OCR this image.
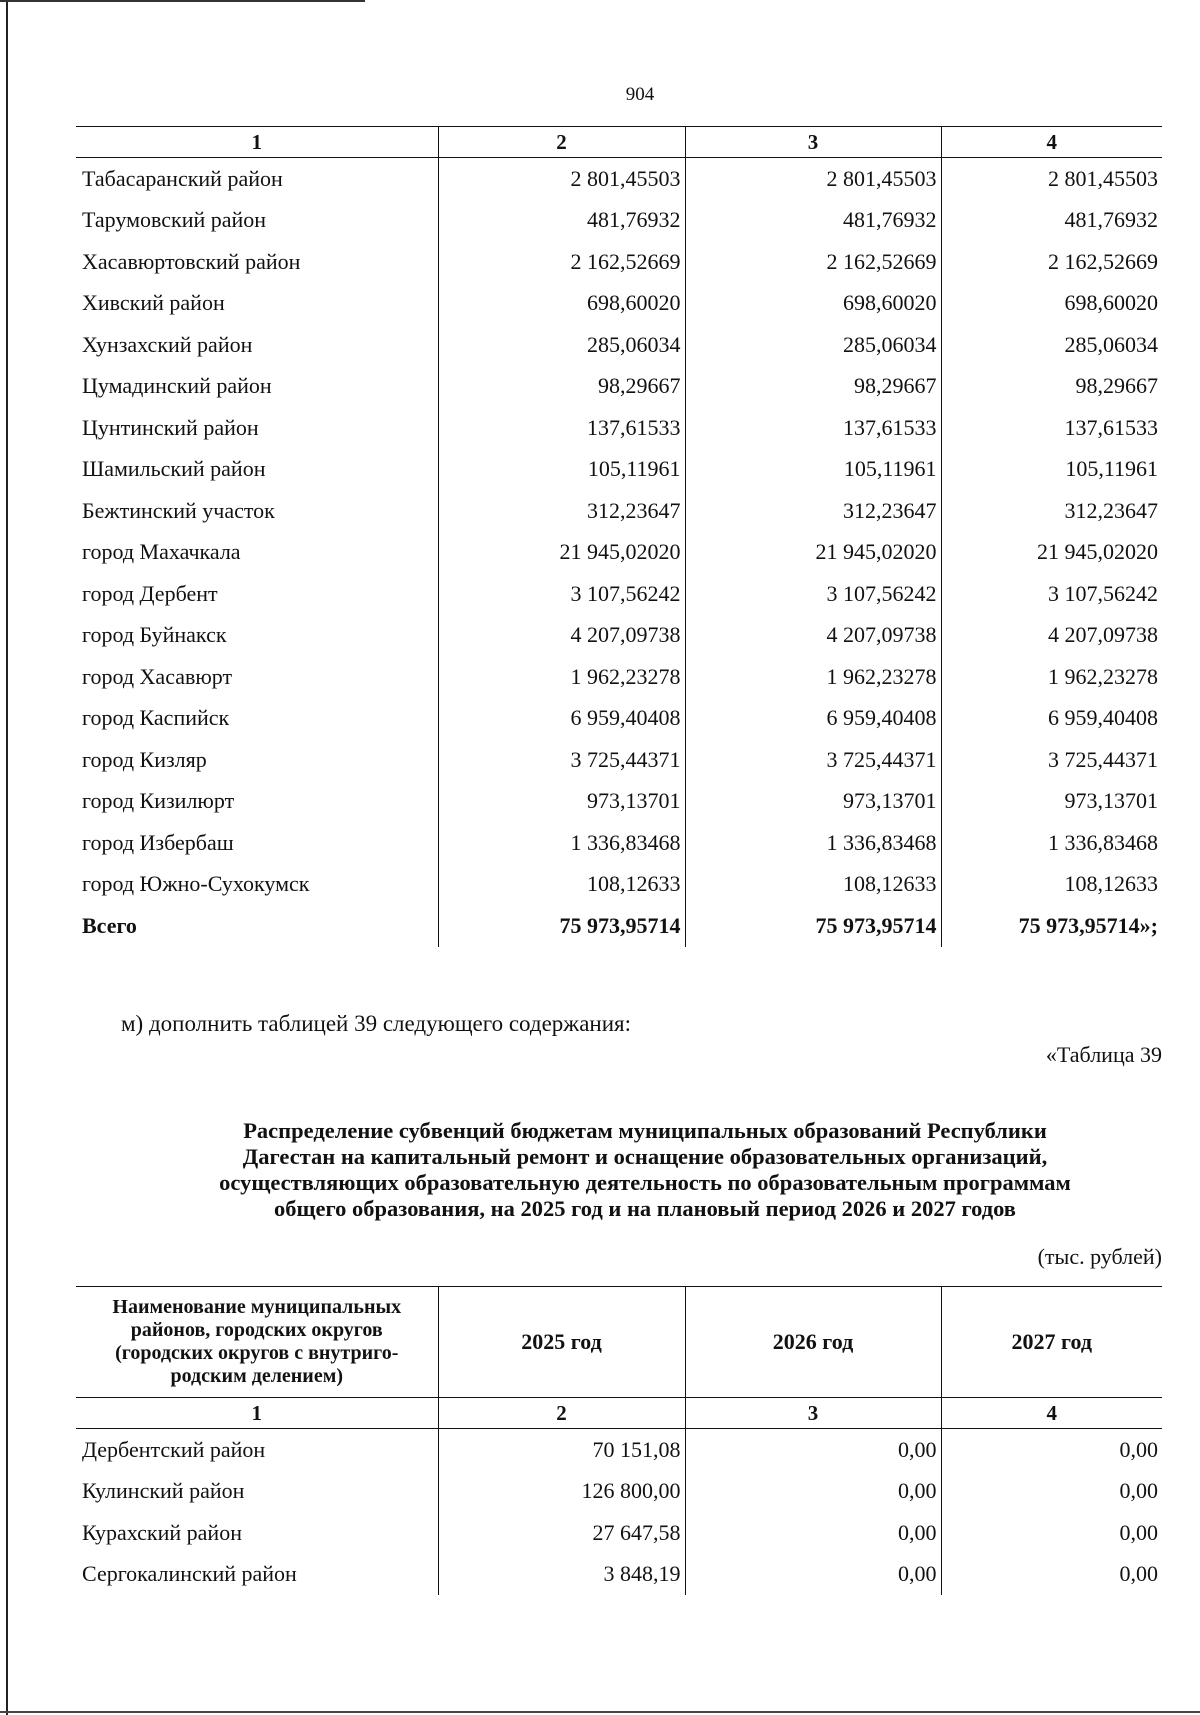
904
1	2	3	4
Табасаранский район	2 801,45503	2 801,45503	2 801,45503
Тарумовский район	481,76932	481,76932	481,76932
Хасавюртовский район	2 162,52669	2 162,52669	2 162,52669
Хивский район	698,60020	698,60020	698,60020
Хунзахский район	285,06034	285,06034	285,06034
Цумадинский район	98,29667	98,29667	98,29667
Цунтинский район	137,61533	137,61533	137,61533
Шамильский район	105,11961	105,11961	105,11961
Бежтинский участок	312,23647	312,23647	312,23647
город Махачкала	21 945,02020	21 945,02020	21 945,02020
город Дербент	3 107,56242	3 107,56242	3 107,56242
город Буйнакск	4 207,09738	4 207,09738	4 207,09738
город Хасавюрт	1 962,23278	1 962,23278	1 962,23278
город Каспийск	6 959,40408	6 959,40408	6 959,40408
город Кизляр	3 725,44371	3 725,44371	3 725,44371
город Кизилюрт	973,13701	973,13701	973,13701
город Избербаш	1 336,83468	1 336,83468	1 336,83468
город Южно-Сухокумск	108,12633	108,12633	108,12633
Всего	75 973,95714	75 973,95714	75 973,95714»;
м) дополнить таблицей 39 следующего содержания:
«Таблица 39
Распределение субвенций бюджетам муниципальных образований Республики
Дагестан на капитальный ремонт и оснащение образовательных организаций,
осуществляющих образовательную деятельность по образовательным программам
общего образования, на 2025 год и на плановый период 2026 и 2027 годов
(тыс. рублей)
Наименование муниципальных
районов, городских округов
(городских округов с внутриго-
родским делением)	2025 год	2026 год	2027 год
1	2	3	4
Дербентский район	70 151,08	0,00	0,00
Кулинский район	126 800,00	0,00	0,00
Курахский район	27 647,58	0,00	0,00
Сергокалинский район	3 848,19	0,00	0,00
